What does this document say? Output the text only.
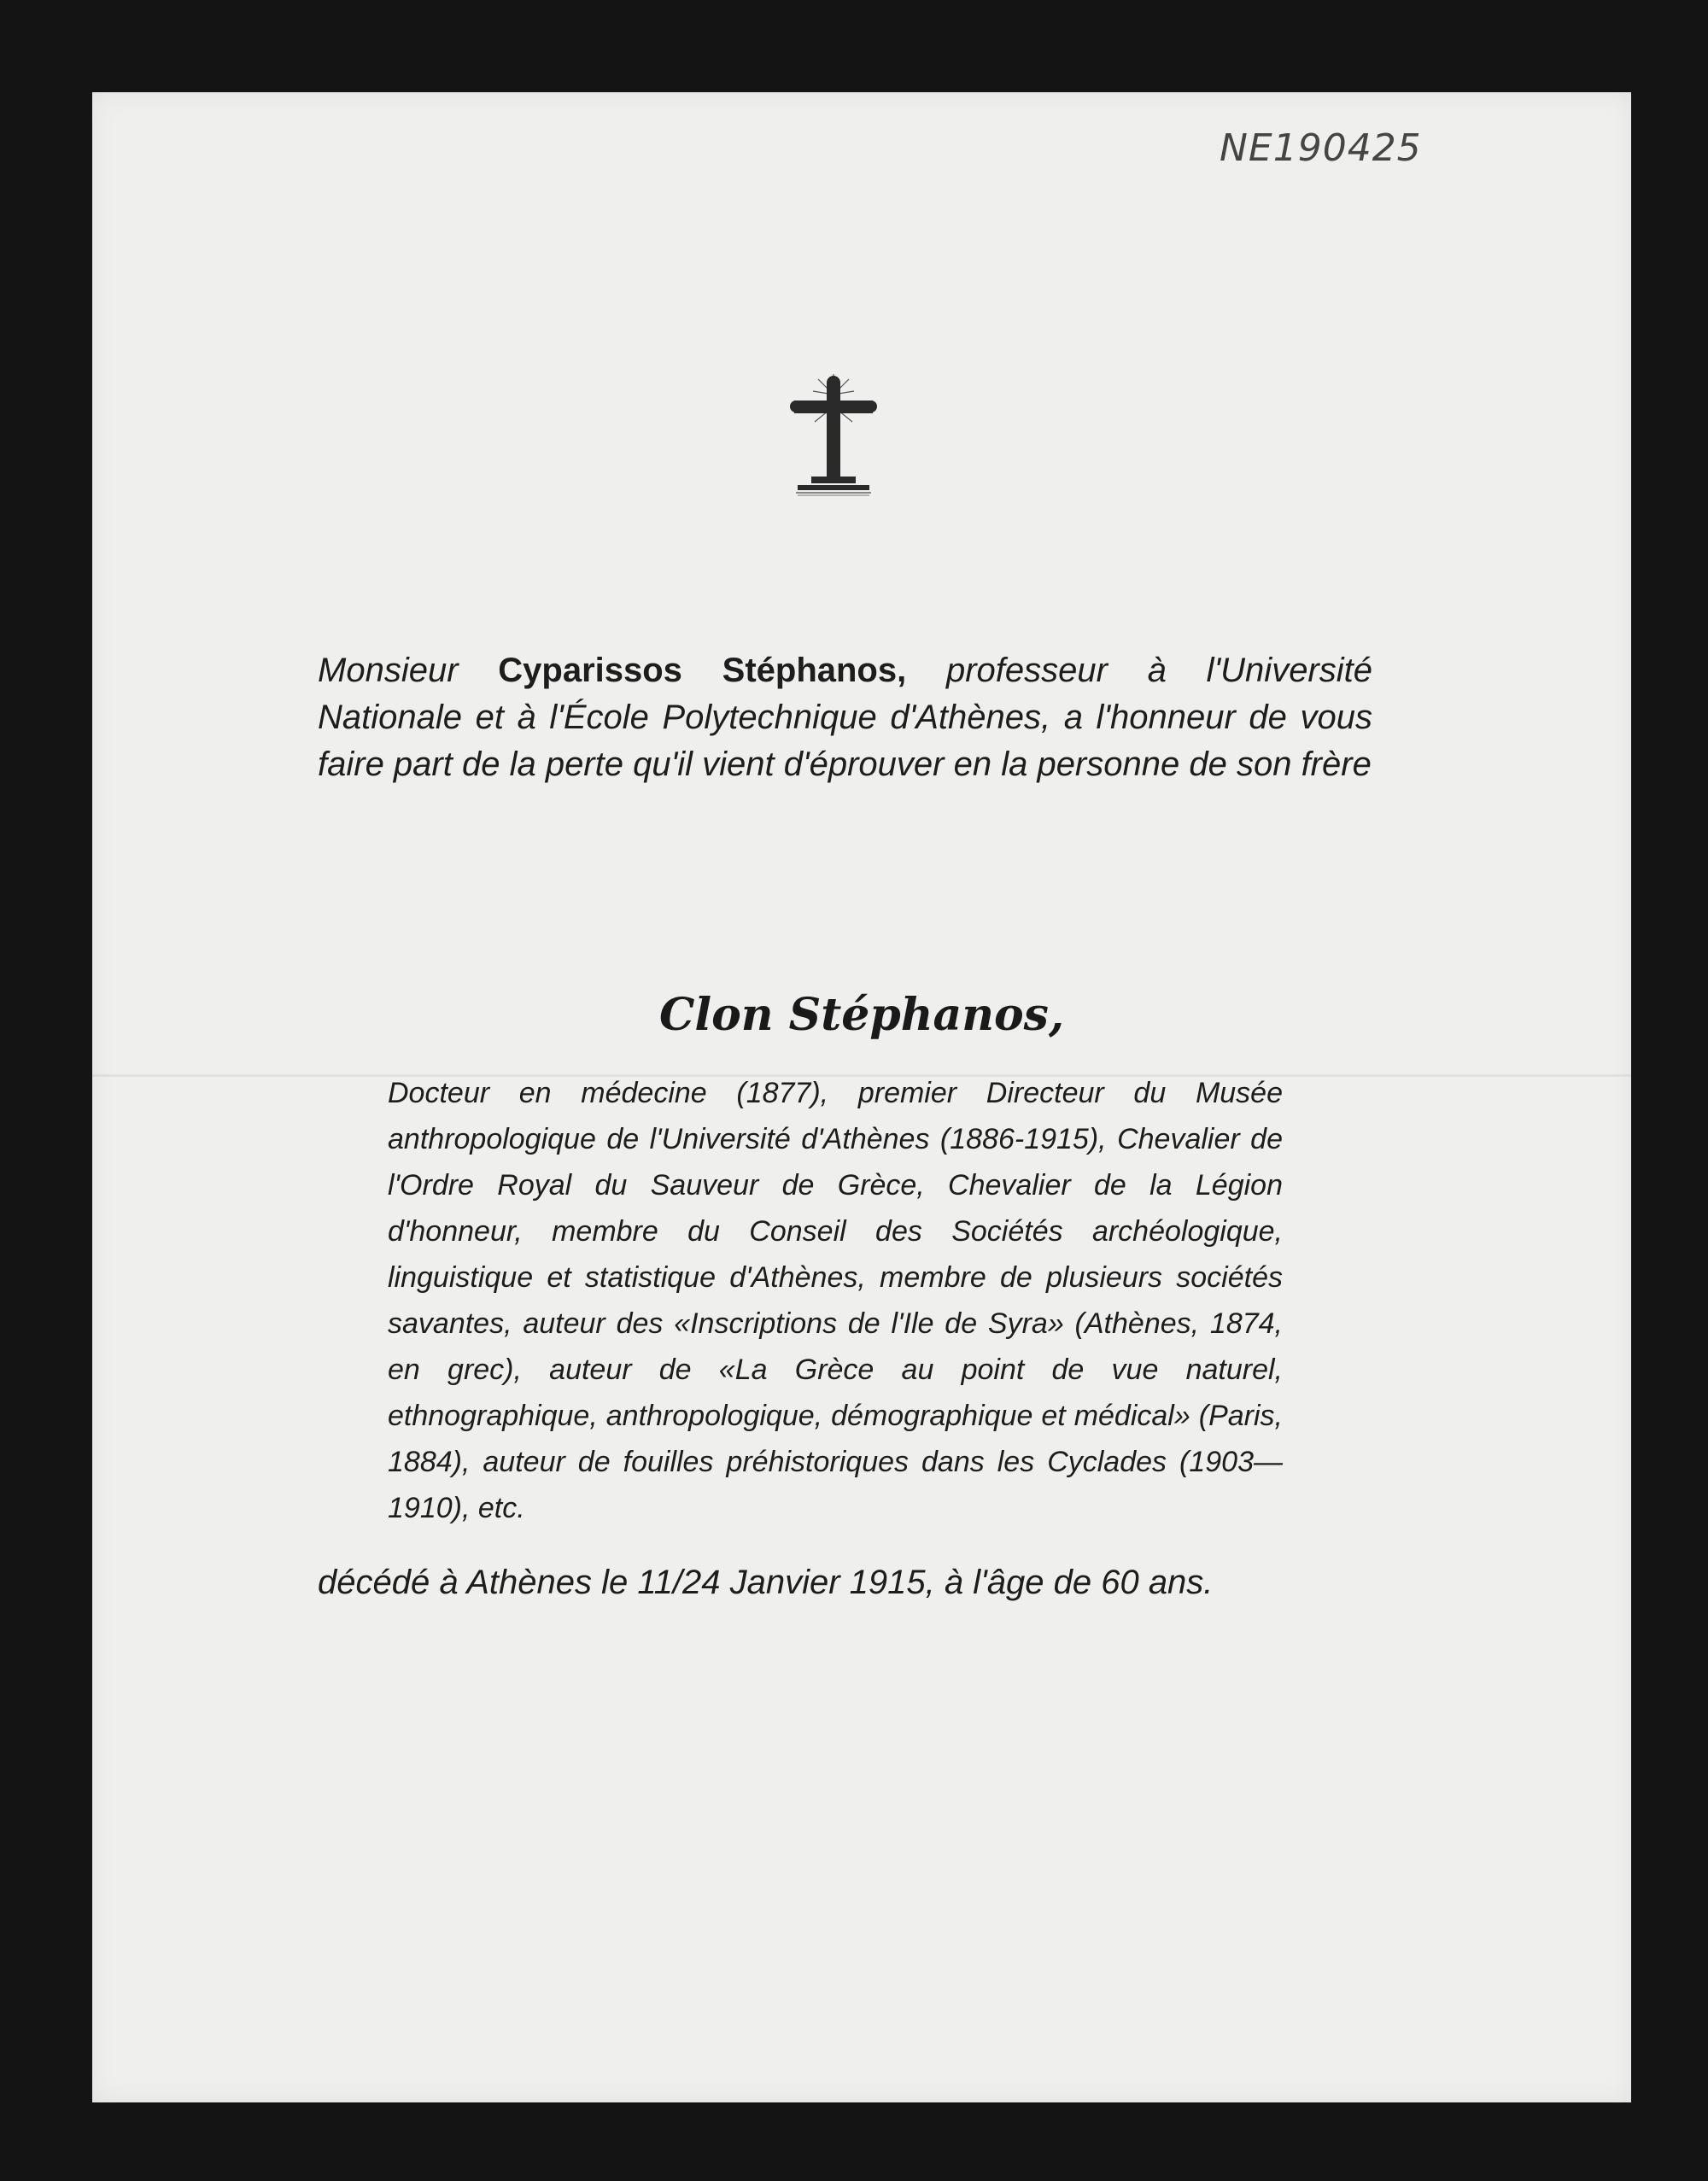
NE190425

Monsieur Cyparissos Stéphanos, professeur à l'Université Nationale et à l'École Polytechnique d'Athènes, a l'honneur de vous faire part de la perte qu'il vient d'éprouver en la personne de son frère

Clon Stéphanos,

Docteur en médecine (1877), premier Directeur du Musée anthropologique de l'Université d'Athènes (1886-1915), Chevalier de l'Ordre Royal du Sauveur de Grèce, Chevalier de la Légion d'honneur, membre du Conseil des Sociétés archéologique, linguistique et statistique d'Athènes, membre de plusieurs sociétés savantes, auteur des «Inscriptions de l'Ile de Syra» (Athènes, 1874, en grec), auteur de «La Grèce au point de vue naturel, ethnographique, anthropologique, démographique et médical» (Paris, 1884), auteur de fouilles préhistoriques dans les Cyclades (1903—1910), etc.

décédé à Athènes le 11/24 Janvier 1915, à l'âge de 60 ans.
